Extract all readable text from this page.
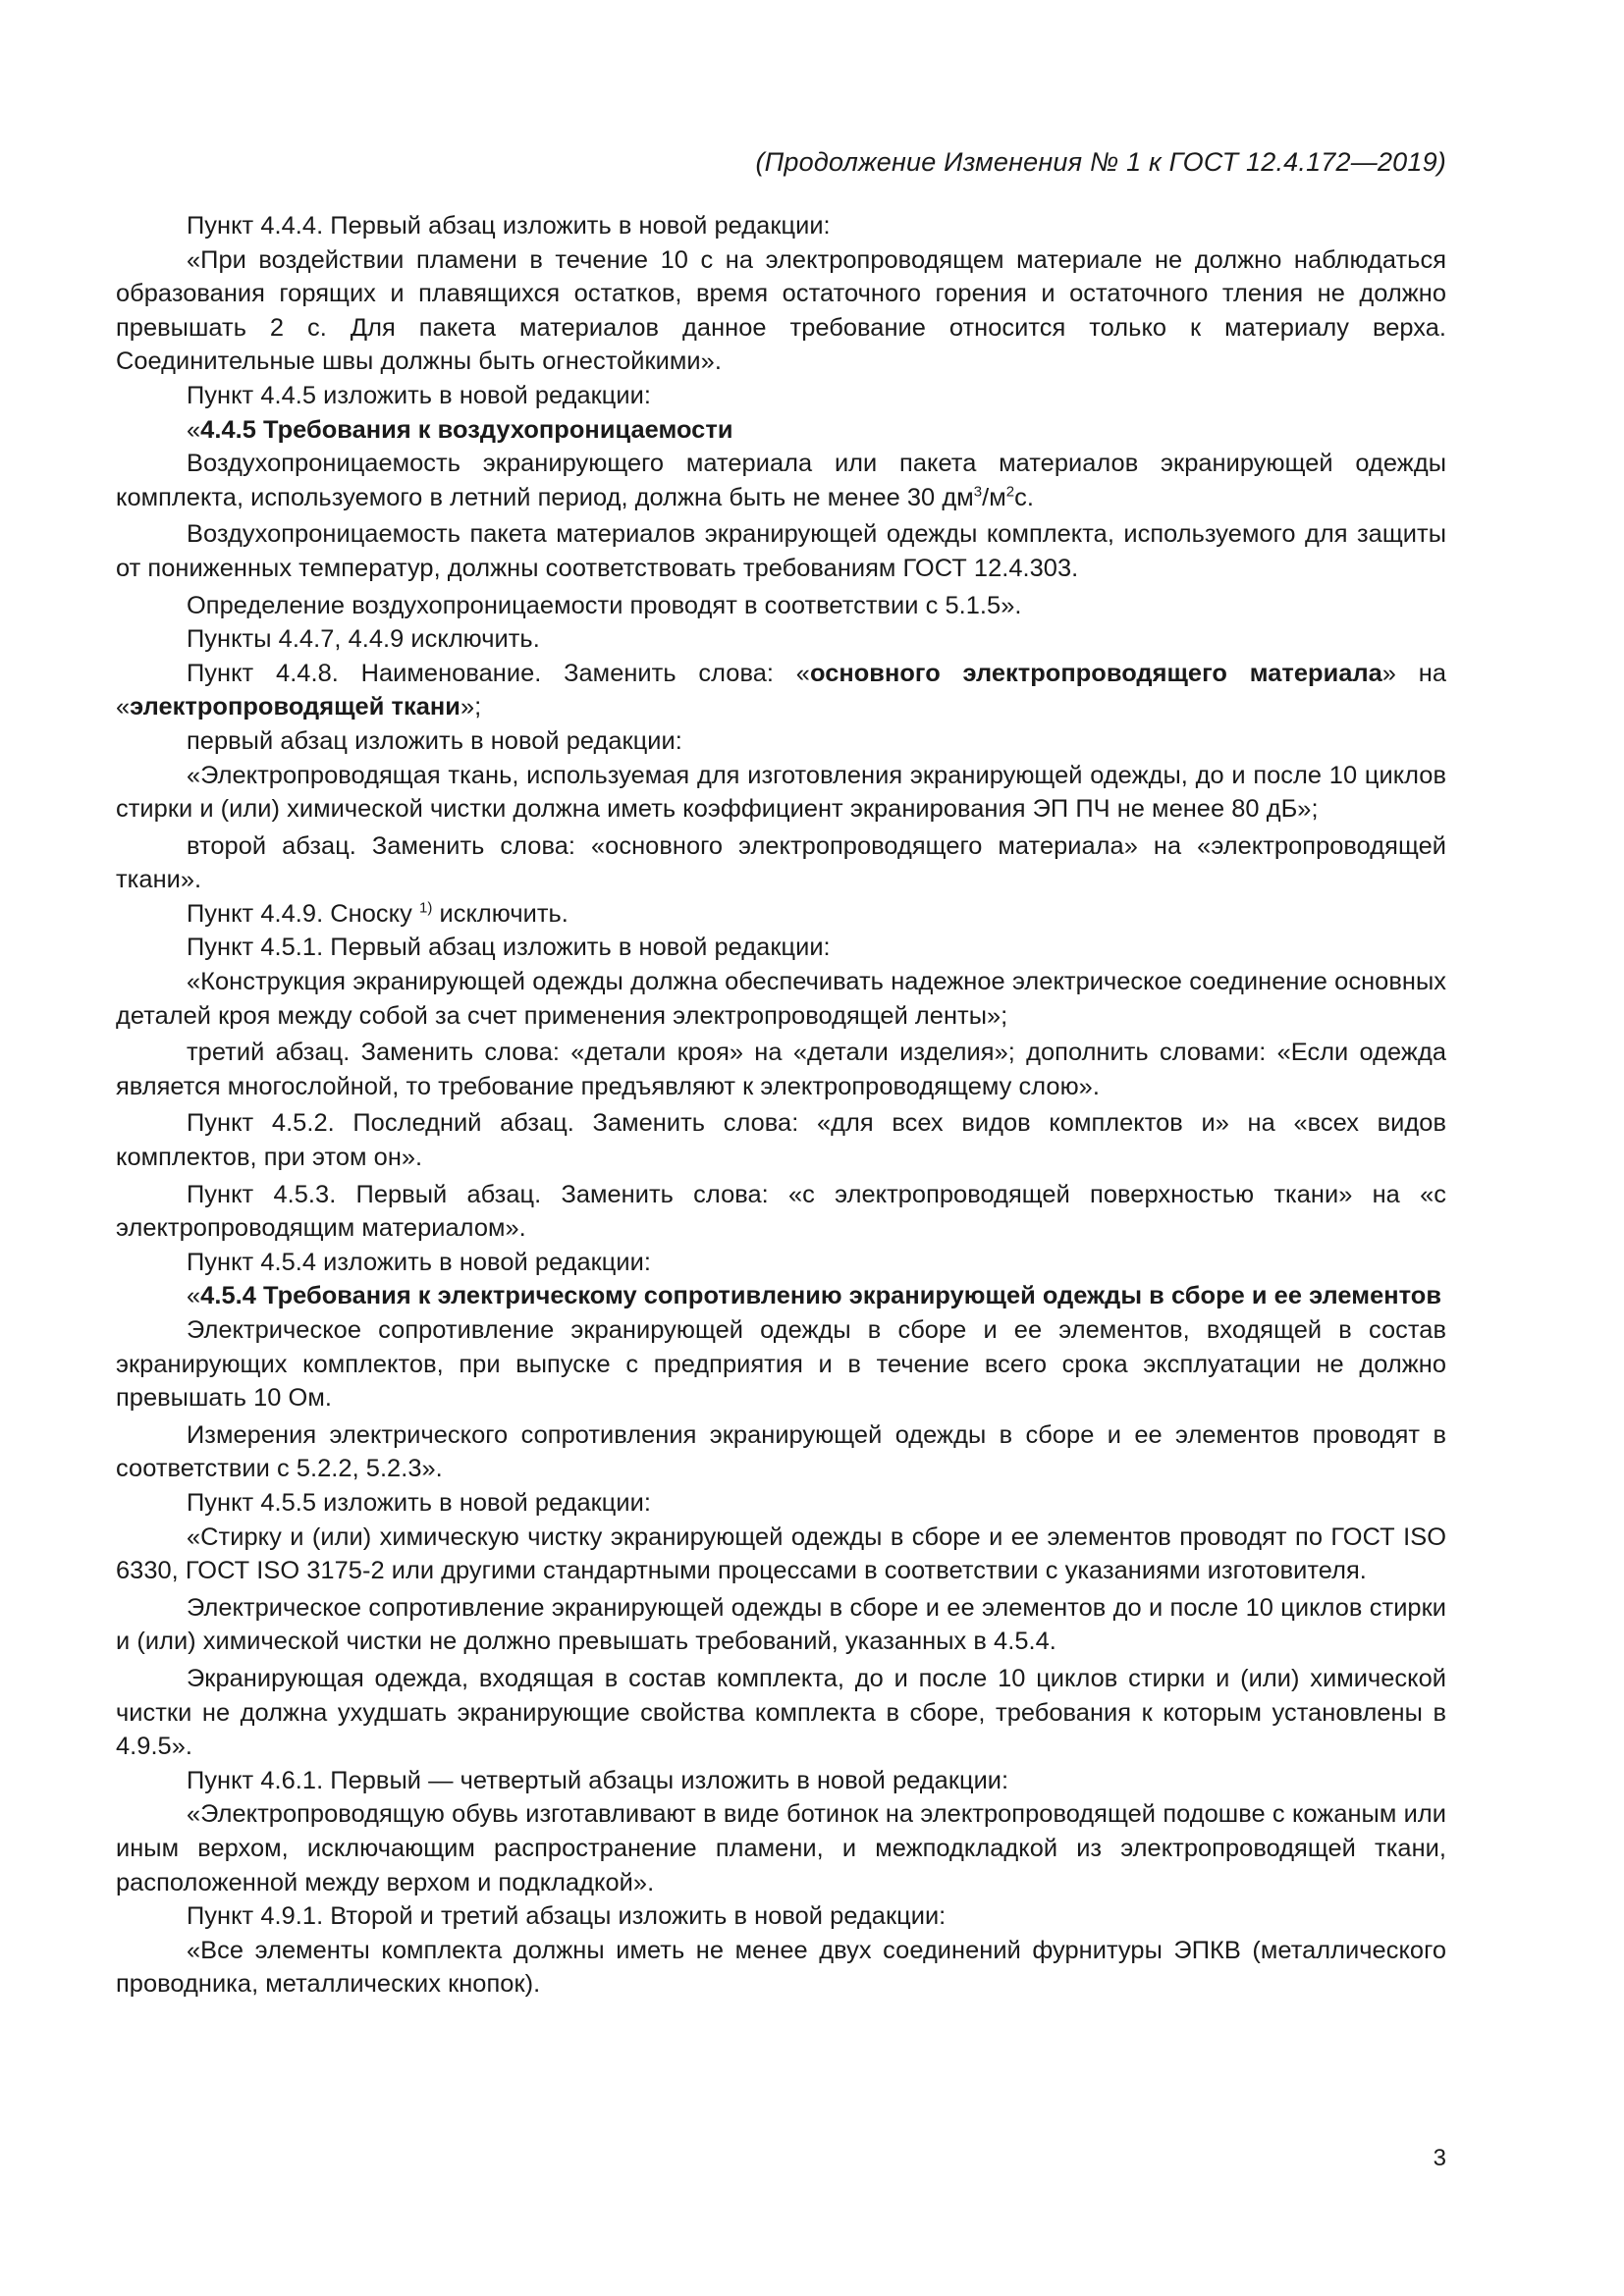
(Продолжение Изменения № 1 к ГОСТ 12.4.172—2019)

Пункт 4.4.4. Первый абзац изложить в новой редакции:

«При воздействии пламени в течение 10 с на электропроводящем материале не должно наблюдаться образования горящих и плавящихся остатков, время остаточного горения и остаточного тления не должно превышать 2 с. Для пакета материалов данное требование относится только к материалу верха. Соединительные швы должны быть огнестойкими».

Пункт 4.4.5 изложить в новой редакции:

«4.4.5 Требования к воздухопроницаемости

Воздухопроницаемость экранирующего материала или пакета материалов экранирующей одежды комплекта, используемого в летний период, должна быть не менее 30 $дм^3/м^2с$.

Воздухопроницаемость пакета материалов экранирующей одежды комплекта, используемого для защиты от пониженных температур, должны соответствовать требованиям ГОСТ 12.4.303.

Определение воздухопроницаемости проводят в соответствии с 5.1.5».

Пункты 4.4.7, 4.4.9 исключить.

Пункт 4.4.8. Наименование. Заменить слова: «основного электропроводящего материала» на «электропроводящей ткани»;

первый абзац изложить в новой редакции:

«Электропроводящая ткань, используемая для изготовления экранирующей одежды, до и после 10 циклов стирки и (или) химической чистки должна иметь коэффициент экранирования ЭП ПЧ не менее 80 дБ»;

второй абзац. Заменить слова: «основного электропроводящего материала» на «электропроводящей ткани».

Пункт 4.4.9. Сноску $^{1)}$ исключить.

Пункт 4.5.1. Первый абзац изложить в новой редакции:

«Конструкция экранирующей одежды должна обеспечивать надежное электрическое соединение основных деталей кроя между собой за счет применения электропроводящей ленты»;

третий абзац. Заменить слова: «детали кроя» на «детали изделия»; дополнить словами: «Если одежда является многослойной, то требование предъявляют к электропроводящему слою».

Пункт 4.5.2. Последний абзац. Заменить слова: «для всех видов комплектов и» на «всех видов комплектов, при этом он».

Пункт 4.5.3. Первый абзац. Заменить слова: «с электропроводящей поверхностью ткани» на «с электропроводящим материалом».

Пункт 4.5.4 изложить в новой редакции:

«4.5.4 Требования к электрическому сопротивлению экранирующей одежды в сборе и ее элементов

Электрическое сопротивление экранирующей одежды в сборе и ее элементов, входящей в состав экранирующих комплектов, при выпуске с предприятия и в течение всего срока эксплуатации не должно превышать 10 Ом.

Измерения электрического сопротивления экранирующей одежды в сборе и ее элементов проводят в соответствии с 5.2.2, 5.2.3».

Пункт 4.5.5 изложить в новой редакции:

«Стирку и (или) химическую чистку экранирующей одежды в сборе и ее элементов проводят по ГОСТ ISO 6330, ГОСТ ISO 3175-2 или другими стандартными процессами в соответствии с указаниями изготовителя.

Электрическое сопротивление экранирующей одежды в сборе и ее элементов до и после 10 циклов стирки и (или) химической чистки не должно превышать требований, указанных в 4.5.4.

Экранирующая одежда, входящая в состав комплекта, до и после 10 циклов стирки и (или) химической чистки не должна ухудшать экранирующие свойства комплекта в сборе, требования к которым установлены в 4.9.5».

Пункт 4.6.1. Первый — четвертый абзацы изложить в новой редакции:

«Электропроводящую обувь изготавливают в виде ботинок на электропроводящей подошве с кожаным или иным верхом, исключающим распространение пламени, и межподкладкой из электропроводящей ткани, расположенной между верхом и подкладкой».

Пункт 4.9.1. Второй и третий абзацы изложить в новой редакции:

«Все элементы комплекта должны иметь не менее двух соединений фурнитуры ЭПКВ (металлического проводника, металлических кнопок).

3
